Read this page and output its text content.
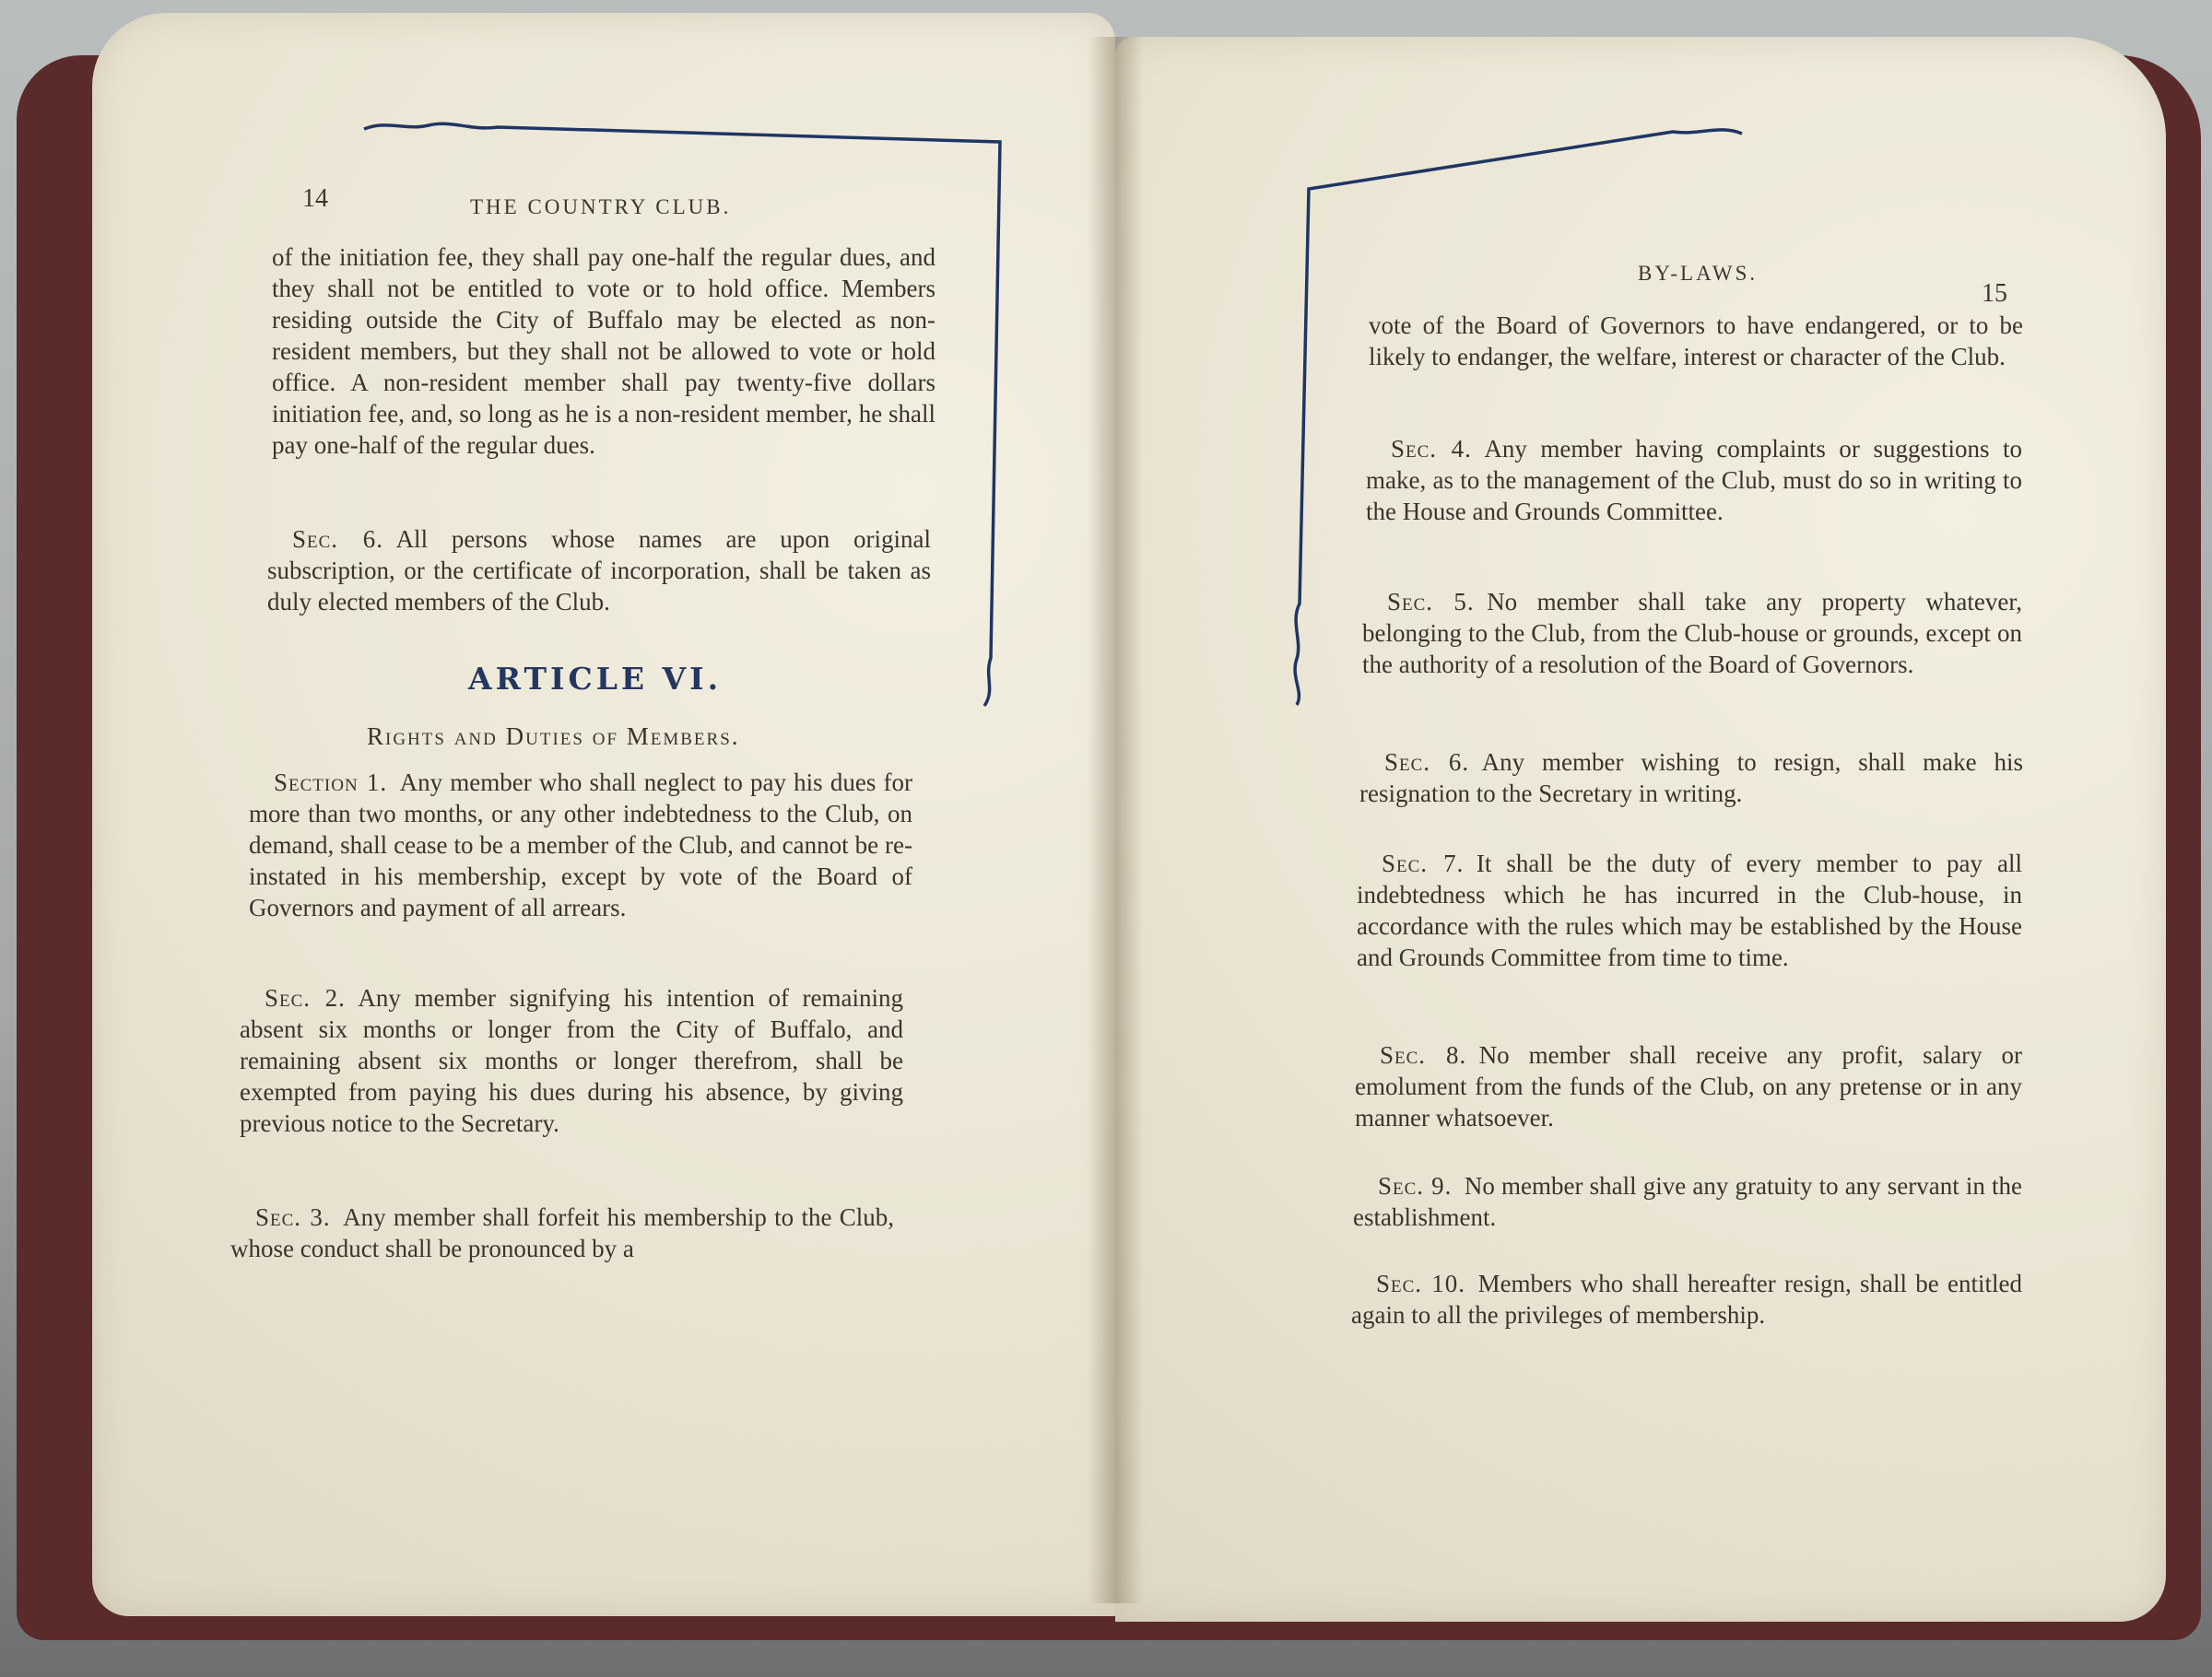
14	THE COUNTRY CLUB.

of the initiation fee, they shall pay one-half the regular dues, and they shall not be entitled to vote or to hold office. Members residing outside the City of Buffalo may be elected as non-resident members, but they shall not be allowed to vote or hold office. A non-resident member shall pay twenty-five dollars initiation fee, and, so long as he is a non-resident member, he shall pay one-half of the regular dues.

 Sec. 6.  All persons whose names are upon original subscription, or the certificate of incorporation, shall be taken as duly elected members of the Club.

ARTICLE VI.
Rights and Duties of Members.

 Section 1.  Any member who shall neglect to pay his dues for more than two months, or any other indebtedness to the Club, on demand, shall cease to be a member of the Club, and cannot be re-instated in his membership, except by vote of the Board of Governors and payment of all arrears.

 Sec. 2.  Any member signifying his intention of remaining absent six months or longer from the City of Buffalo, and remaining absent six months or longer therefrom, shall be exempted from paying his dues during his absence, by giving previous notice to the Secretary.

 Sec. 3.  Any member shall forfeit his membership to the Club, whose conduct shall be pronounced by a

BY-LAWS.
15

vote of the Board of Governors to have endangered, or to be likely to endanger, the welfare, interest or character of the Club.

 Sec. 4.  Any member having complaints or suggestions to make, as to the management of the Club, must do so in writing to the House and Grounds Committee.

 Sec. 5.  No member shall take any property whatever, belonging to the Club, from the Club-house or grounds, except on the authority of a resolution of the Board of Governors.

 Sec. 6.  Any member wishing to resign, shall make his resignation to the Secretary in writing.

 Sec. 7.  It shall be the duty of every member to pay all indebtedness which he has incurred in the Club-house, in accordance with the rules which may be established by the House and Grounds Committee from time to time.

 Sec. 8.  No member shall receive any profit, salary or emolument from the funds of the Club, on any pretense or in any manner whatsoever.

 Sec. 9.  No member shall give any gratuity to any servant in the establishment.

 Sec. 10.  Members who shall hereafter resign, shall be entitled again to all the privileges of membership.
